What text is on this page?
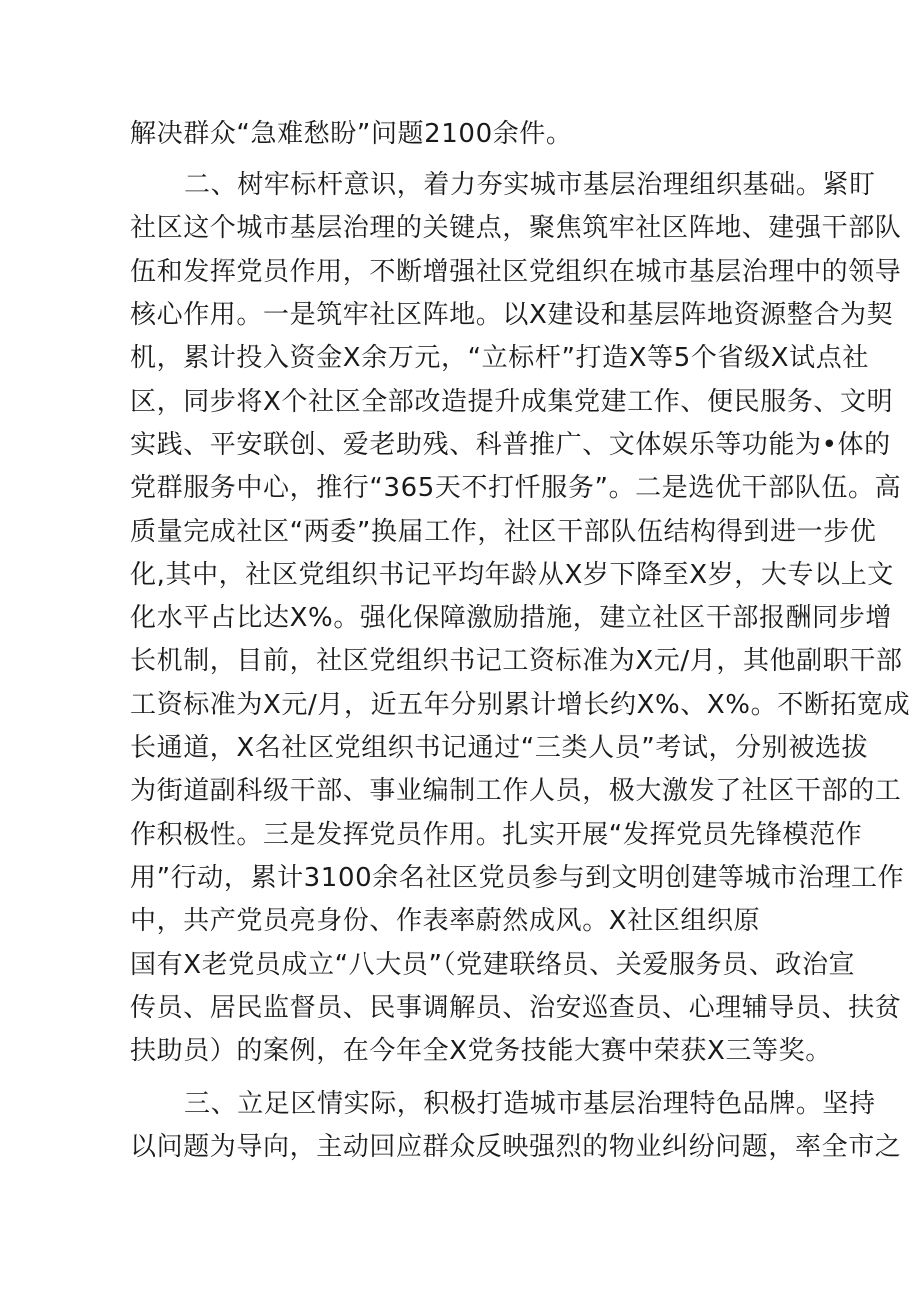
解决群众“急难愁盼”问题2100余件。
二、树牢标杆意识，着力夯实城市基层治理组织基础。紧盯
社区这个城市基层治理的关键点，聚焦筑牢社区阵地、建强干部队
伍和发挥党员作用，不断增强社区党组织在城市基层治理中的领导
核心作用。一是筑牢社区阵地。以X建设和基层阵地资源整合为契
机，累计投入资金X余万元，“立标杆”打造X等5个省级X试点社
区，同步将X个社区全部改造提升成集党建工作、便民服务、文明
实践、平安联创、爱老助残、科普推广、文体娱乐等功能为•体的
党群服务中心，推行“365天不打忏服务”。二是选优干部队伍。高
质量完成社区“两委”换届工作，社区干部队伍结构得到进一步优
化,其中，社区党组织书记平均年龄从X岁下降至X岁，大专以上文
化水平占比达X%。强化保障激励措施，建立社区干部报酬同步增
长机制，目前，社区党组织书记工资标准为X元/月，其他副职干部
工资标准为X元/月，近五年分别累计增长约X%、X%。不断拓宽成
长通道，X名社区党组织书记通过“三类人员”考试，分别被选拔
为街道副科级干部、事业编制工作人员，极大激发了社区干部的工
作积极性。三是发挥党员作用。扎实开展“发挥党员先锋模范作
用”行动，累计3100余名社区党员参与到文明创建等城市治理工作
中，共产党员亮身份、作表率蔚然成风。X社区组织原
国有X老党员成立“八大员”（党建联络员、关爱服务员、政治宣
传员、居民监督员、民事调解员、治安巡查员、心理辅导员、扶贫
扶助员）的案例，在今年全X党务技能大赛中荣获X三等奖。
三、立足区情实际，积极打造城市基层治理特色品牌。坚持
以问题为导向，主动回应群众反映强烈的物业纠纷问题，率全市之
